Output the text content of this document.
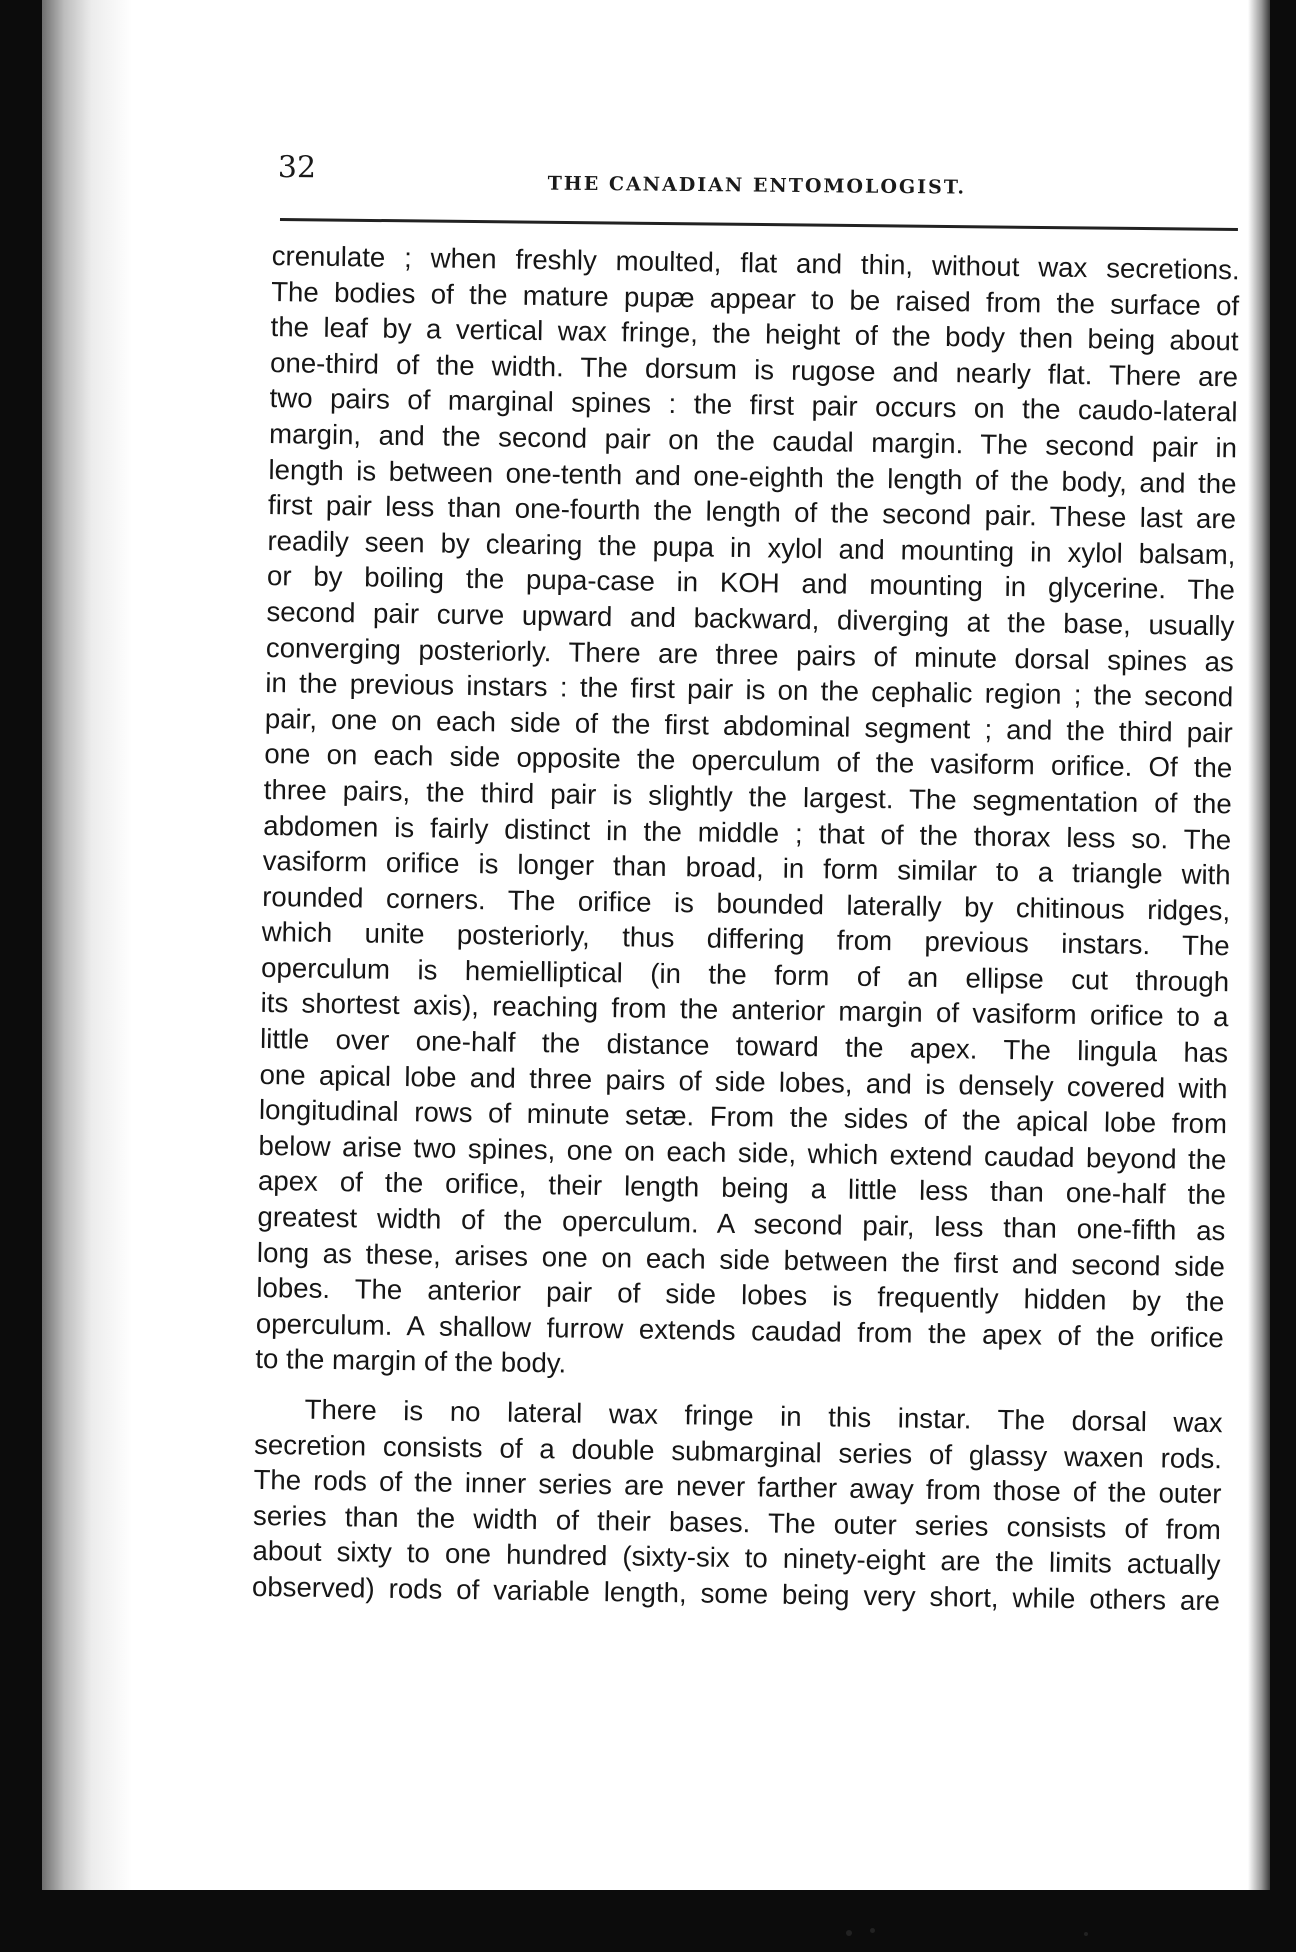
32
THE CANADIAN ENTOMOLOGIST.
crenulate ; when freshly moulted, flat and thin, without wax secretions.
The bodies of the mature pupæ appear to be raised from the surface of
the leaf by a vertical wax fringe, the height of the body then being about
one-third of the width. The dorsum is rugose and nearly flat. There are
two pairs of marginal spines : the first pair occurs on the caudo-lateral
margin, and the second pair on the caudal margin. The second pair in
length is between one-tenth and one-eighth the length of the body, and the
first pair less than one-fourth the length of the second pair. These last are
readily seen by clearing the pupa in xylol and mounting in xylol balsam,
or by boiling the pupa-case in KOH and mounting in glycerine. The
second pair curve upward and backward, diverging at the base, usually
converging posteriorly. There are three pairs of minute dorsal spines as
in the previous instars : the first pair is on the cephalic region ; the second
pair, one on each side of the first abdominal segment ; and the third pair
one on each side opposite the operculum of the vasiform orifice. Of the
three pairs, the third pair is slightly the largest. The segmentation of the
abdomen is fairly distinct in the middle ; that of the thorax less so. The
vasiform orifice is longer than broad, in form similar to a triangle with
rounded corners. The orifice is bounded laterally by chitinous ridges,
which unite posteriorly, thus differing from previous instars. The
operculum is hemielliptical (in the form of an ellipse cut through
its shortest axis), reaching from the anterior margin of vasiform orifice to a
little over one-half the distance toward the apex. The lingula has
one apical lobe and three pairs of side lobes, and is densely covered with
longitudinal rows of minute setæ. From the sides of the apical lobe from
below arise two spines, one on each side, which extend caudad beyond the
apex of the orifice, their length being a little less than one-half the
greatest width of the operculum. A second pair, less than one-fifth as
long as these, arises one on each side between the first and second side
lobes. The anterior pair of side lobes is frequently hidden by the
operculum. A shallow furrow extends caudad from the apex of the orifice
to the margin of the body.
There is no lateral wax fringe in this instar. The dorsal wax
secretion consists of a double submarginal series of glassy waxen rods.
The rods of the inner series are never farther away from those of the outer
series than the width of their bases. The outer series consists of from
about sixty to one hundred (sixty-six to ninety-eight are the limits actually
observed) rods of variable length, some being very short, while others are
